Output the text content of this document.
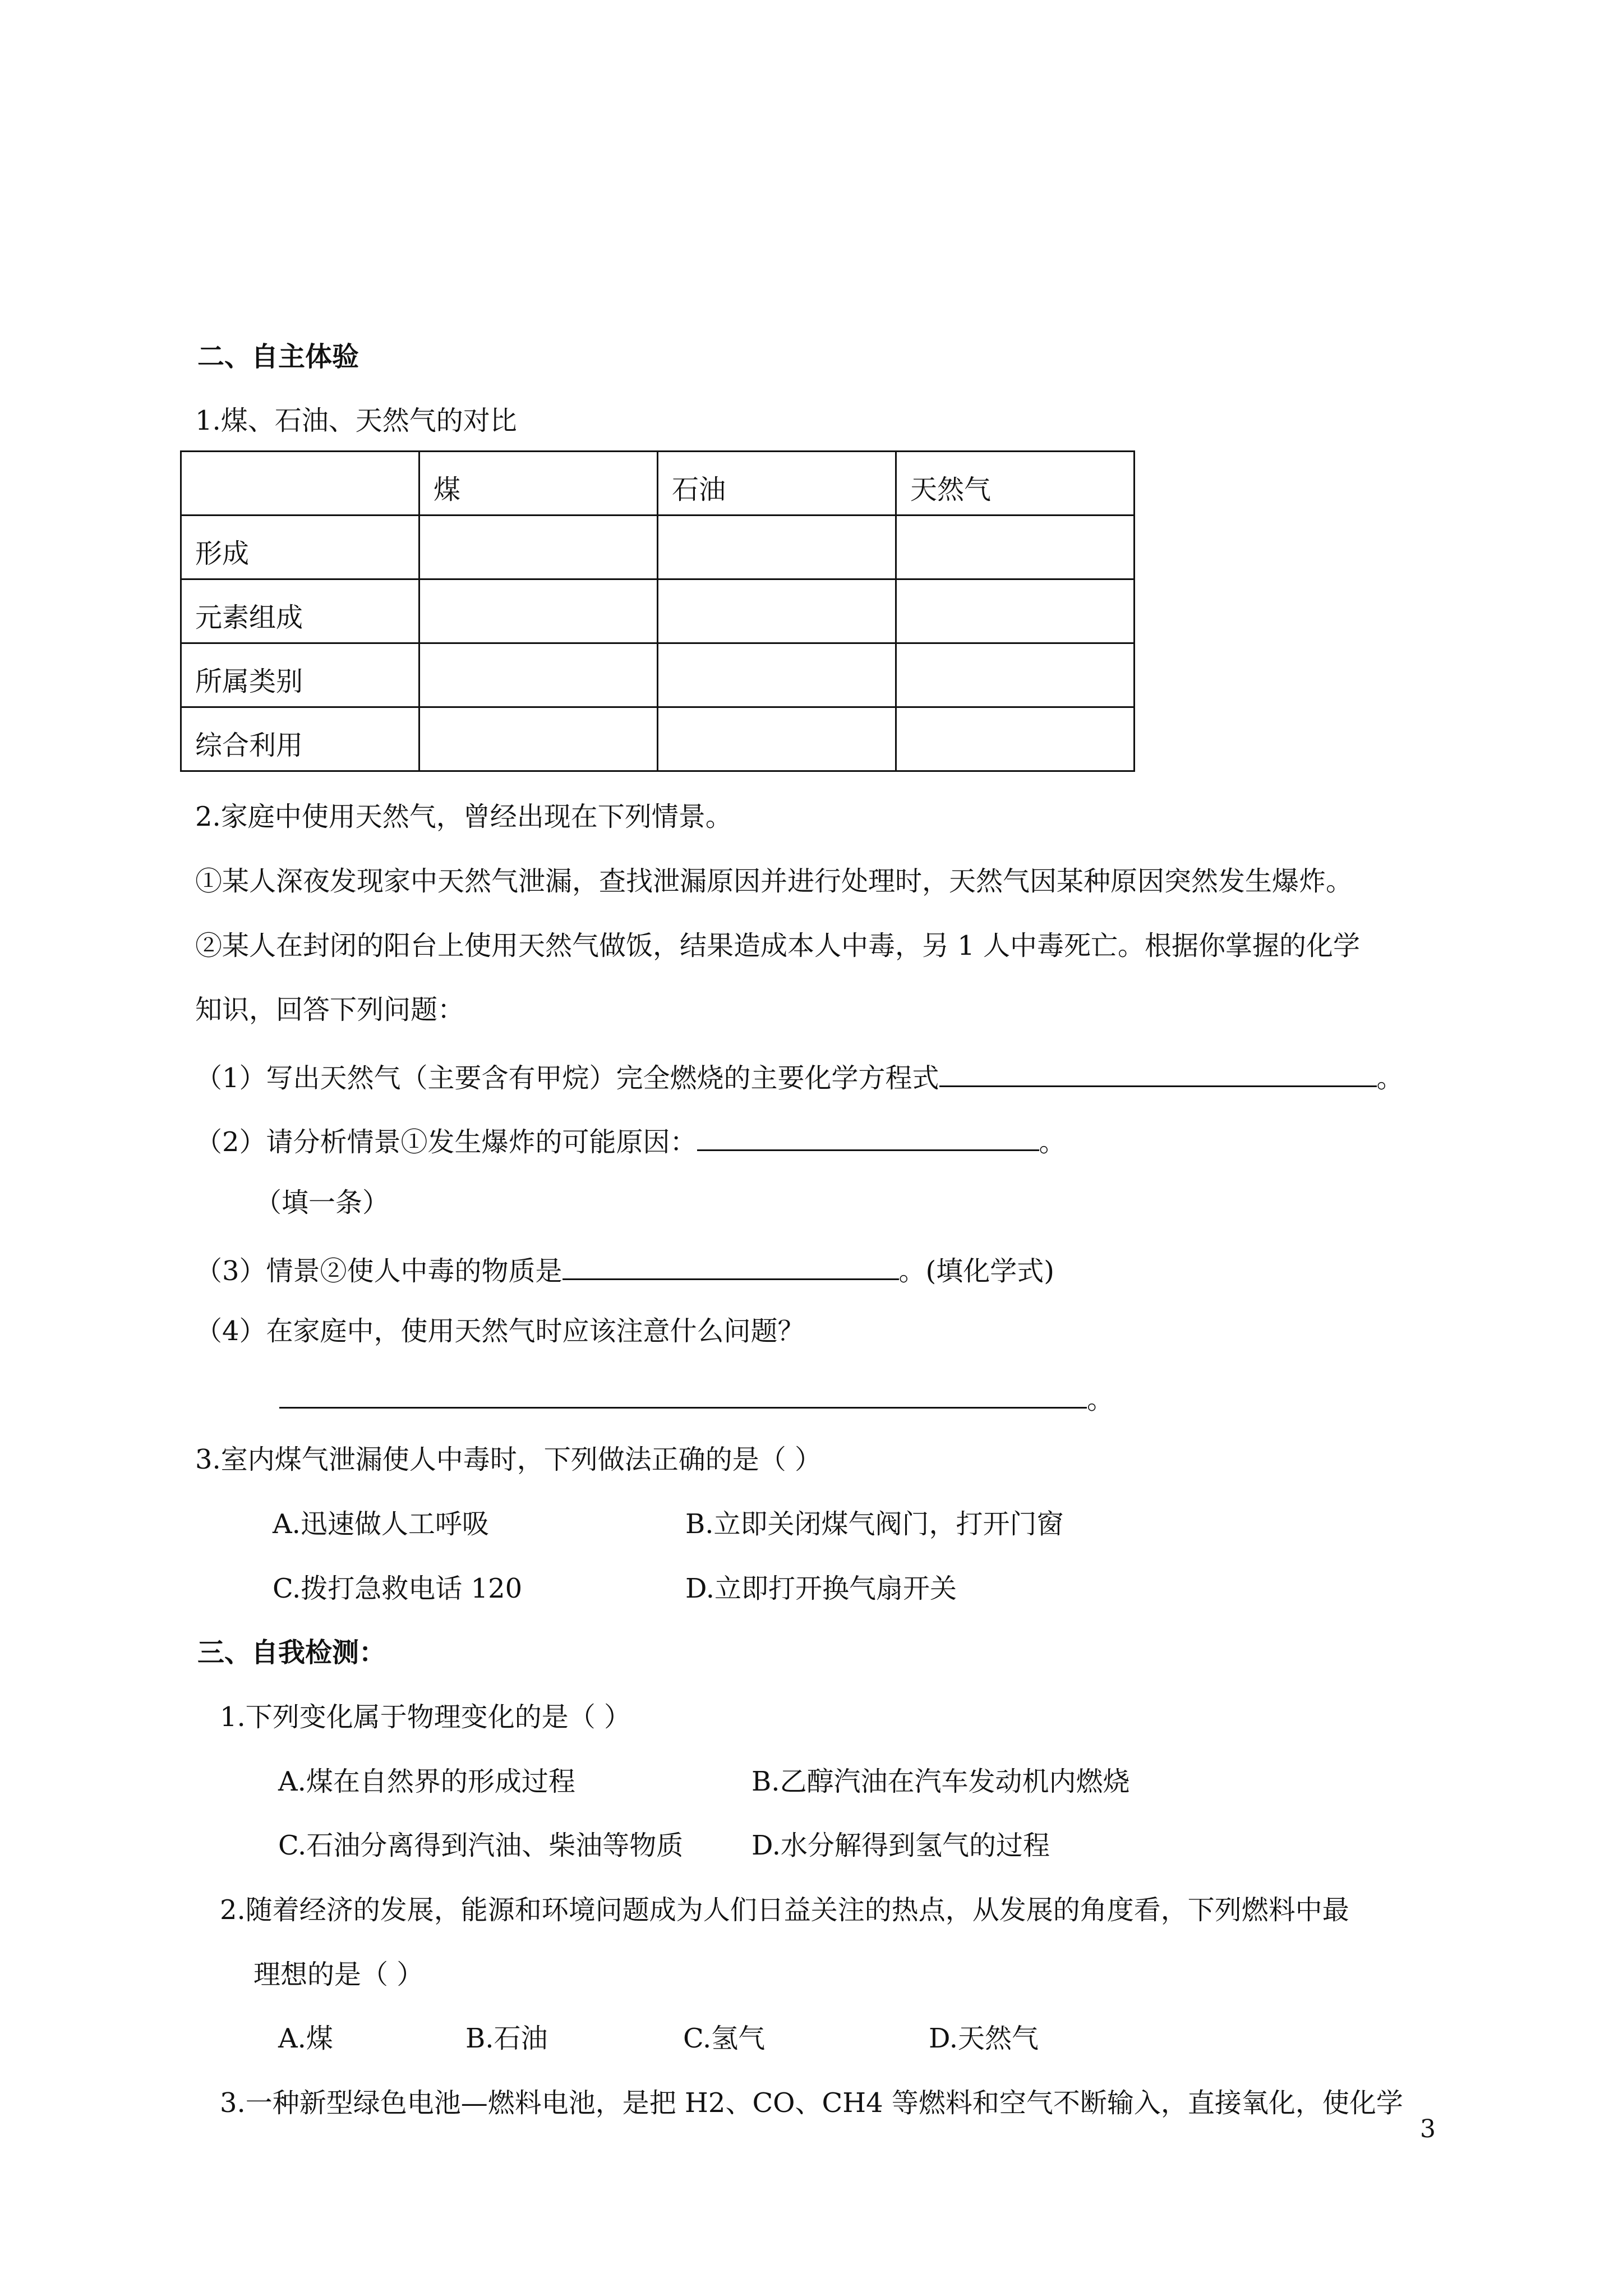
二、自主体验
1.煤、石油、天然气的对比
	煤	石油	天然气
形成			
元素组成			
所属类别			
综合利用			
2.家庭中使用天然气，曾经出现在下列情景。
①某人深夜发现家中天然气泄漏，查找泄漏原因并进行处理时，天然气因某种原因突然发生爆炸。
②某人在封闭的阳台上使用天然气做饭，结果造成本人中毒，另 1 人中毒死亡。根据你掌握的化学
知识，回答下列问题：
（1）写出天然气（主要含有甲烷）完全燃烧的主要化学方程式	。
（2）请分析情景①发生爆炸的可能原因：	。
（填一条）
（3）情景②使人中毒的物质是	。(填化学式)
（4）在家庭中，使用天然气时应该注意什么问题？
。
3.室内煤气泄漏使人中毒时，下列做法正确的是（ ）
A.迅速做人工呼吸	B.立即关闭煤气阀门，打开门窗
C.拨打急救电话 120	D.立即打开换气扇开关
三、自我检测：
1.下列变化属于物理变化的是（ ）
A.煤在自然界的形成过程	B.乙醇汽油在汽车发动机内燃烧
C.石油分离得到汽油、柴油等物质	D.水分解得到氢气的过程
2.随着经济的发展，能源和环境问题成为人们日益关注的热点，从发展的角度看，下列燃料中最
理想的是（ ）
A.煤	B.石油	C.氢气	D.天然气
3.一种新型绿色电池—燃料电池，是把 H2、CO、CH4 等燃料和空气不断输入，直接氧化，使化学
3
